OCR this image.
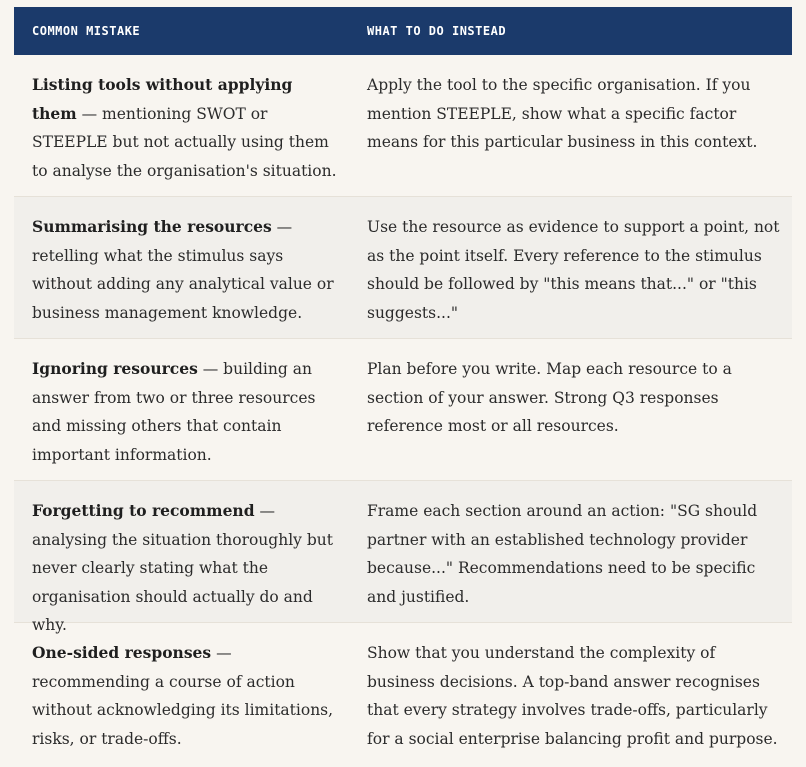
COMMON MISTAKE	WHAT TO DO INSTEAD
Listing tools without applying them — mentioning SWOT or STEEPLE but not actually using them to analyse the organisation's situation.
Apply the tool to the specific organisation. If you mention STEEPLE, show what a specific factor means for this particular business in this context.
Summarising the resources — retelling what the stimulus says without adding any analytical value or business management knowledge.
Use the resource as evidence to support a point, not as the point itself. Every reference to the stimulus should be followed by "this means that..." or "this suggests..."
Ignoring resources — building an answer from two or three resources and missing others that contain important information.
Plan before you write. Map each resource to a section of your answer. Strong Q3 responses reference most or all resources.
Forgetting to recommend — analysing the situation thoroughly but never clearly stating what the organisation should actually do and why.
Frame each section around an action: "SG should partner with an established technology provider because..." Recommendations need to be specific and justified.
One-sided responses — recommending a course of action without acknowledging its limitations, risks, or trade-offs.
Show that you understand the complexity of business decisions. A top-band answer recognises that every strategy involves trade-offs, particularly for a social enterprise balancing profit and purpose.
